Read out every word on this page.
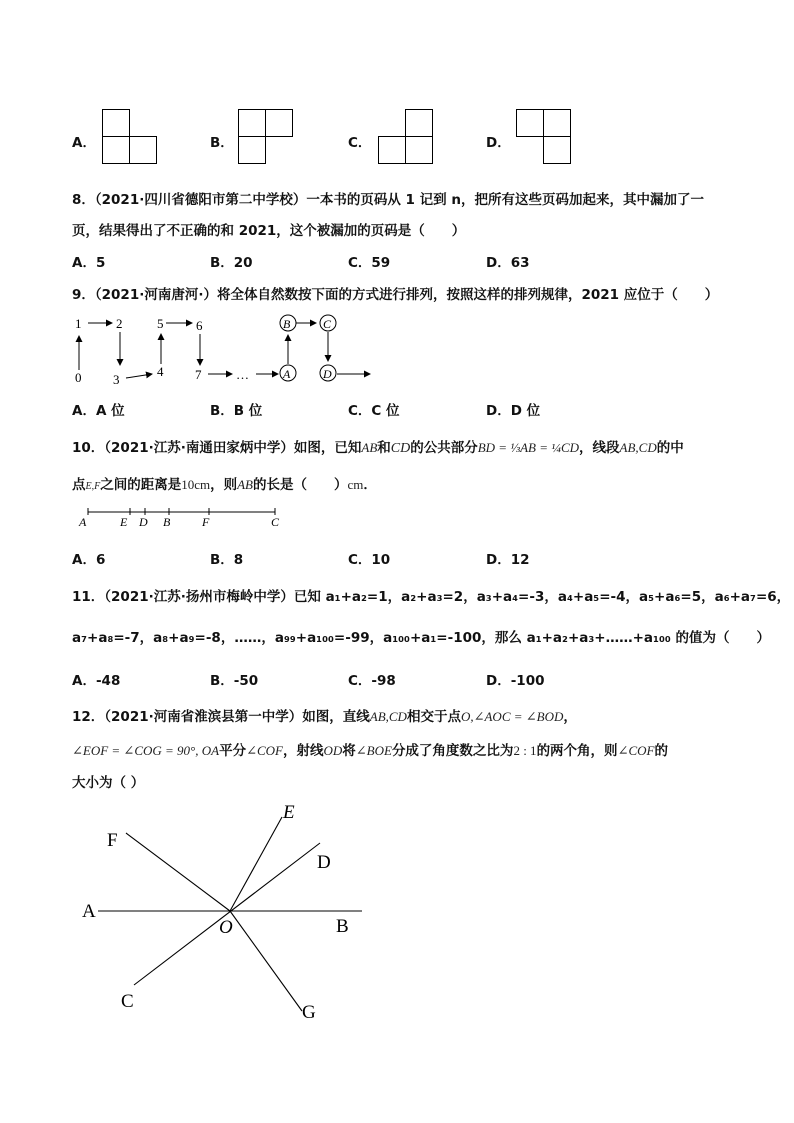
A．	B．	C．	D．
8．（2021·四川省德阳市第二中学校）一本书的页码从 1 记到 n，把所有这些页码加起来，其中漏加了一
页，结果得出了不正确的和 2021，这个被漏加的页码是（　　）
A．5	B．20	C．59	D．63
9．（2021·河南唐河·）将全体自然数按下面的方式进行排列，按照这样的排列规律，2021 应位于（　　）
0
1	2
3
4
5	6
7	…
B	C
A	D
A．A 位	B．B 位	C．C 位	D．D 位
10．（2021·江苏·南通田家炳中学）如图，已知AB和CD的公共部分BD = ⅓AB = ¼CD，线段AB,CD的中
点E,F之间的距离是10cm，则AB的长是（　　）cm．
A	E D B	F	C
A．6	B．8	C．10	D．12
11．（2021·江苏·扬州市梅岭中学）已知 a₁+a₂=1，a₂+a₃=2，a₃+a₄=-3，a₄+a₅=-4，a₅+a₆=5，a₆+a₇=6，
a₇+a₈=-7，a₈+a₉=-8，……，a₉₉+a₁₀₀=-99，a₁₀₀+a₁=-100，那么 a₁+a₂+a₃+……+a₁₀₀ 的值为（　　）
A．-48	B．-50	C．-98	D．-100
12．（2021·河南省淮滨县第一中学）如图，直线AB,CD相交于点O,∠AOC = ∠BOD，
∠EOF = ∠COG = 90°, OA平分∠COF，射线OD将∠BOE分成了角度数之比为2 : 1的两个角，则∠COF的
大小为（ ）
E
F
D
A
O	B
C
G
